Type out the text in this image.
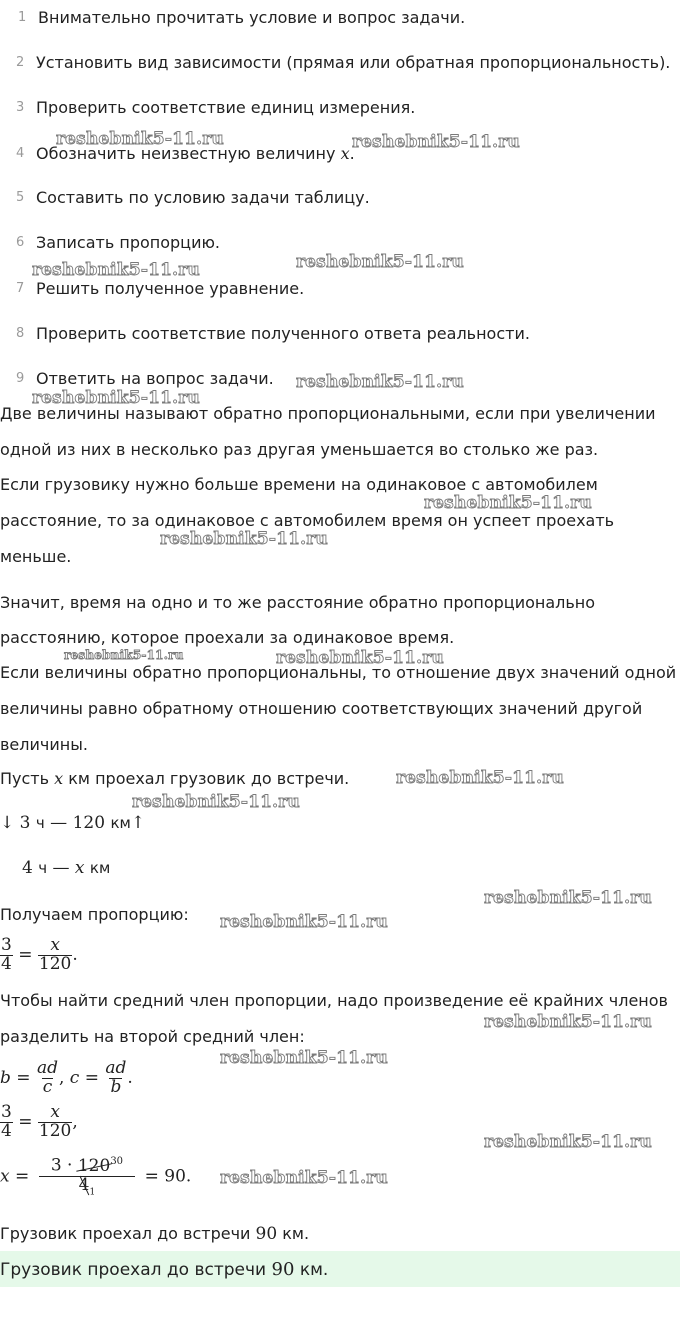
1 Внимательно прочитать условие и вопрос задачи.
2 Установить вид зависимости (прямая или обратная пропорциональность).
3 Проверить соответствие единиц измерения.
4 Обозначить неизвестную величину x.
5 Составить по условию задачи таблицу.
6 Записать пропорцию.
7 Решить полученное уравнение.
8 Проверить соответствие полученного ответа реальности.
9 Ответить на вопрос задачи.
Две величины называют обратно пропорциональными, если при увеличении
одной из них в несколько раз другая уменьшается во столько же раз.
Если грузовику нужно больше времени на одинаковое с автомобилем
расстояние, то за одинаковое с автомобилем время он успеет проехать
меньше.
Значит, время на одно и то же расстояние обратно пропорционально
расстоянию, которое проехали за одинаковое время.
Если величины обратно пропорциональны, то отношение двух значений одной
величины равно обратному отношению соответствующих значений другой
величины.
Пусть x км проехал грузовик до встречи.
↓ 3 ч — 120 км↑
4 ч — x км
Получаем пропорцию:
$\frac{3}{4} = \frac{x}{120}$ .
Чтобы найти средний член пропорции, надо произведение её крайних членов
разделить на второй средний член:
$b = \frac{ad}{c}$ , $c = \frac{ad}{b}$ .
$\frac{3}{4} = \frac{x}{120}$ ,
$x = \frac{3 \cdot 120^{30}}{4_1} = 90$.
Грузовик проехал до встречи 90 км.
Грузовик проехал до встречи 90 км.
reshebnik5-11.ru	reshebnik5-11.ru
reshebnik5-11.ru
reshebnik5-11.ru
reshebnik5-11.ru
reshebnik5-11.ru
reshebnik5-11.ru
reshebnik5-11.ru
reshebnik5-11.ru	reshebnik5-11.ru
reshebnik5-11.ru
reshebnik5-11.ru
reshebnik5-11.ru
reshebnik5-11.ru
reshebnik5-11.ru
reshebnik5-11.ru
reshebnik5-11.ru
reshebnik5-11.ru
